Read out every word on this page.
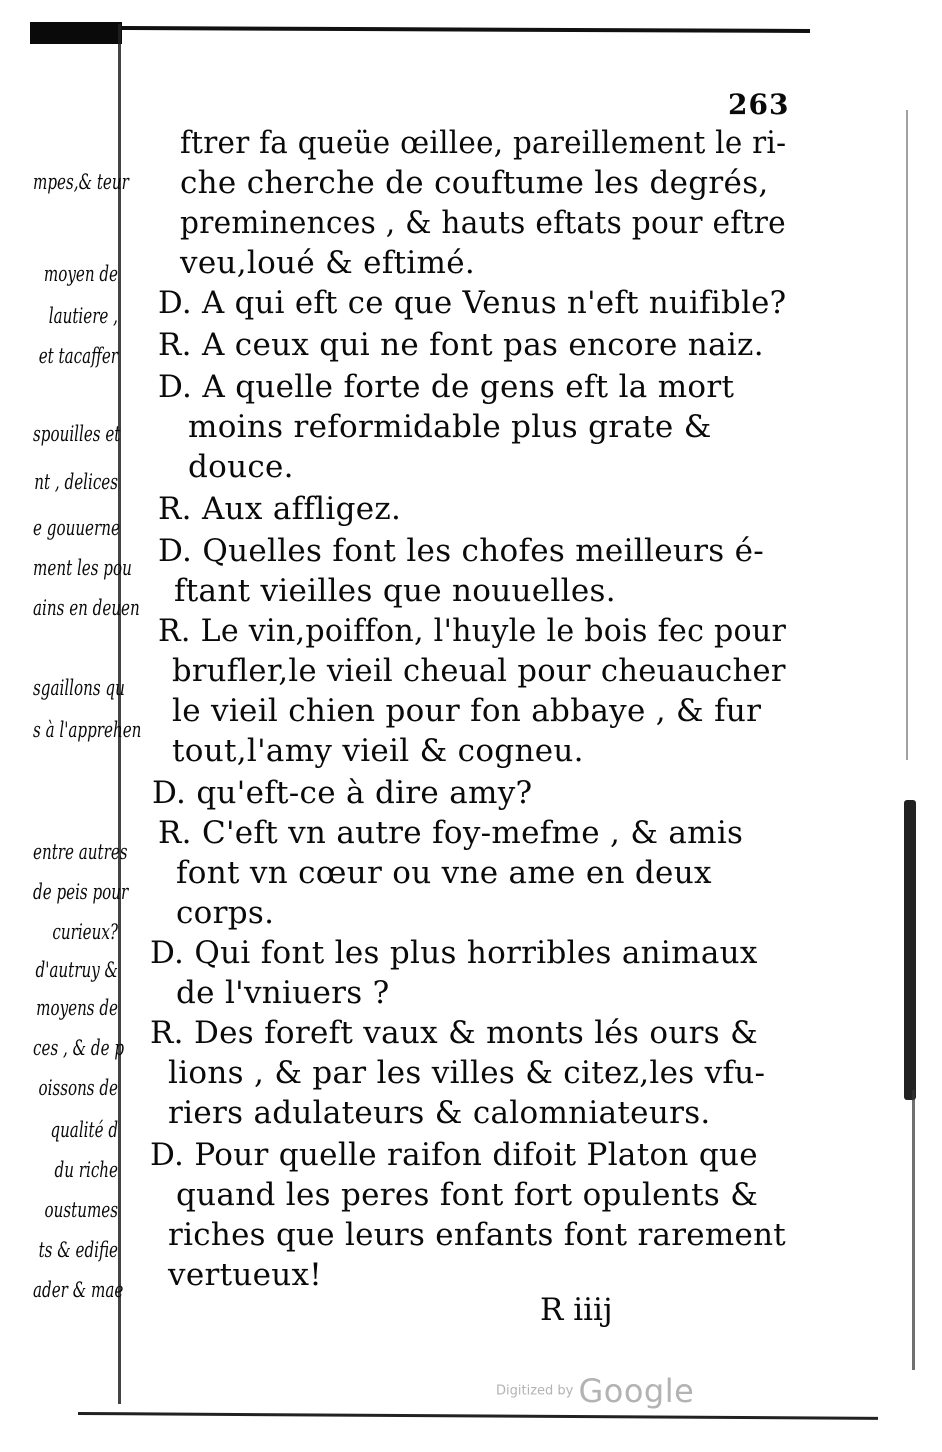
263
mpes,& teur
moyen de
lautiere ,
et tacaffer
spouilles et
nt , delices
e gouuerne
ment les pou
ains en deuen
sgaillons qu
s à l'apprehen
entre autres
de peis pour
curieux?
d'autruy &
moyens de
ces , & de p
oissons de
qualité d
du riche
oustumes
ts & edifie
ader & mae
ftrer fa queüe œillee, pareillement le ri-
che cherche de couftume les degrés,
preminences , & hauts eftats pour eftre
veu,loué & eftimé.
D. A qui eft ce que Venus n'eft nuifible?
R. A ceux qui ne font pas encore naiz.
D. A quelle forte de gens eft la mort
moins reformidable plus grate &
douce.
R. Aux affligez.
D. Quelles font les chofes meilleurs é-
ftant vieilles que nouuelles.
R. Le vin,poiffon, l'huyle le bois fec pour
brufler,le vieil cheual pour cheuaucher
le vieil chien pour fon abbaye , & fur
tout,l'amy vieil & cogneu.
D. qu'eft-ce à dire amy?
R. C'eft vn autre foy-mefme , & amis
font vn cœur ou vne ame en deux
corps.
D. Qui font les plus horribles animaux
de l'vniuers ?
R. Des foreft vaux & monts lés ours &
lions , & par les villes & citez,les vfu-
riers adulateurs & calomniateurs.
D. Pour quelle raifon difoit Platon que
quand les peres font fort opulents &
riches que leurs enfants font rarement
vertueux!
R iiij
Digitized by Google
